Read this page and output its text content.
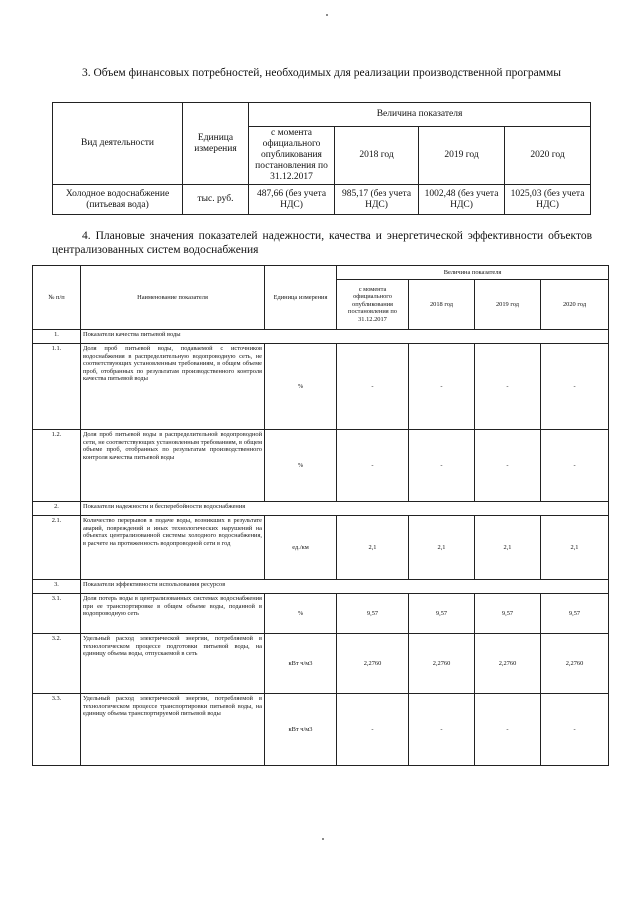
3. Объем финансовых потребностей, необходимых для реализации производственной программы

Вид деятельности	Единица измерения	Величина показателя			
		с момента официального опубликования постановления по 31.12.2017	2018 год	2019 год	2020 год
Холодное водоснабжение (питьевая вода)	тыс. руб.	487,66 (без учета НДС)	985,17 (без учета НДС)	1002,48 (без учета НДС)	1025,03 (без учета НДС)

4. Плановые значения показателей надежности, качества и энергетической эффективности объектов централизованных систем водоснабжения

№ п/п	Наименование показателя	Единица измерения	Величина показателя			
			с момента официального опубликования постановления по 31.12.2017	2018 год	2019 год	2020 год
1.	Показатели качества питьевой воды					
1.1.	Доля проб питьевой воды, подаваемой с источников водоснабжения в распределительную водопроводную сеть, не соответствующих установленным требованиям, в общем объеме проб, отобранных по результатам производственного контроля качества питьевой воды	%	-	-	-	-
1.2.	Доля проб питьевой воды в распределительной водопроводной сети, не соответствующих установленным требованиям, в общем объеме проб, отобранных по результатам производственного контроля качества питьевой воды	%	-	-	-	-
2.	Показатели надежности и бесперебойности водоснабжения					
2.1.	Количество перерывов в подаче воды, возникших в результате аварий, повреждений и иных технологических нарушений на объектах централизованной системы холодного водоснабжения, в расчете на протяженность водопроводной сети в год	ед./км	2,1	2,1	2,1	2,1
3.	Показатели эффективности использования ресурсов					
3.1.	Доля потерь воды в централизованных системах водоснабжения при ее транспортировке в общем объеме воды, поданной в водопроводную сеть	%	9,57	9,57	9,57	9,57
3.2.	Удельный расход электрической энергии, потребляемой в технологическом процессе подготовки питьевой воды, на единицу объема воды, отпускаемой в сеть	кВт ч/м3	2,2760	2,2760	2,2760	2,2760
3.3.	Удельный расход электрической энергии, потребляемой в технологическом процессе транспортировки питьевой воды, на единицу объема транспортируемой питьевой воды	кВт ч/м3	-	-	-	-
